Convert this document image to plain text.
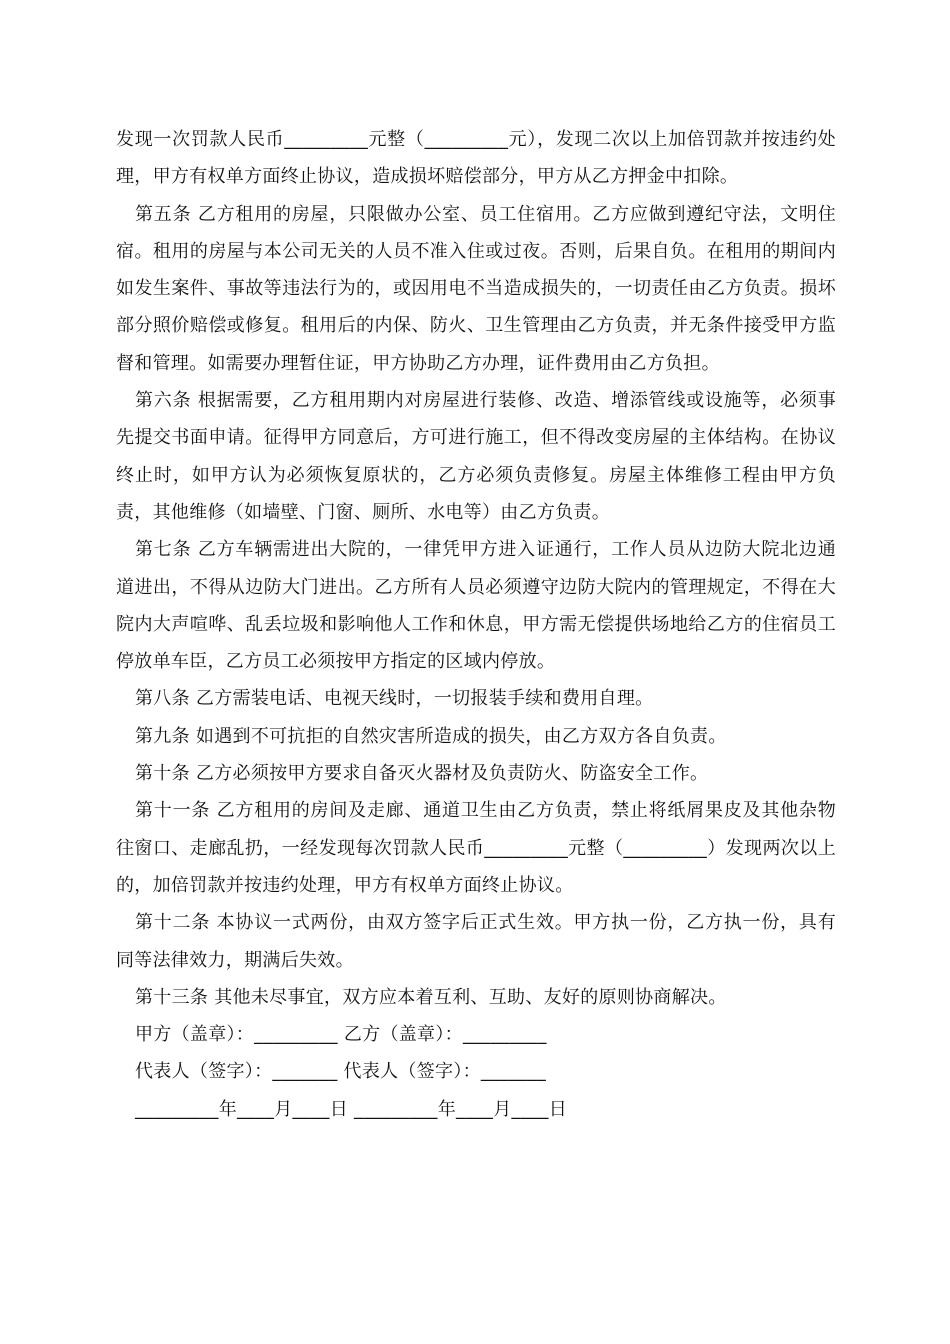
发现一次罚款人民币_________元整（_________元），发现二次以上加倍罚款并按违约处理，甲方有权单方面终止协议，造成损坏赔偿部分，甲方从乙方押金中扣除。

第五条 乙方租用的房屋，只限做办公室、员工住宿用。乙方应做到遵纪守法，文明住宿。租用的房屋与本公司无关的人员不准入住或过夜。否则，后果自负。在租用的期间内如发生案件、事故等违法行为的，或因用电不当造成损失的，一切责任由乙方负责。损坏部分照价赔偿或修复。租用后的内保、防火、卫生管理由乙方负责，并无条件接受甲方监督和管理。如需要办理暂住证，甲方协助乙方办理，证件费用由乙方负担。

第六条 根据需要，乙方租用期内对房屋进行装修、改造、增添管线或设施等，必须事先提交书面申请。征得甲方同意后，方可进行施工，但不得改变房屋的主体结构。在协议终止时，如甲方认为必须恢复原状的，乙方必须负责修复。房屋主体维修工程由甲方负责，其他维修（如墙壁、门窗、厕所、水电等）由乙方负责。

第七条 乙方车辆需进出大院的，一律凭甲方进入证通行，工作人员从边防大院北边通道进出，不得从边防大门进出。乙方所有人员必须遵守边防大院内的管理规定，不得在大院内大声喧哗、乱丢垃圾和影响他人工作和休息，甲方需无偿提供场地给乙方的住宿员工停放单车臣，乙方员工必须按甲方指定的区域内停放。

第八条 乙方需装电话、电视天线时，一切报装手续和费用自理。

第九条 如遇到不可抗拒的自然灾害所造成的损失，由乙方双方各自负责。

第十条 乙方必须按甲方要求自备灭火器材及负责防火、防盗安全工作。

第十一条 乙方租用的房间及走廊、通道卫生由乙方负责，禁止将纸屑果皮及其他杂物往窗口、走廊乱扔，一经发现每次罚款人民币_________元整（_________）发现两次以上的，加倍罚款并按违约处理，甲方有权单方面终止协议。

第十二条 本协议一式两份，由双方签字后正式生效。甲方执一份，乙方执一份，具有同等法律效力，期满后失效。

第十三条 其他未尽事宜，双方应本着互利、互助、友好的原则协商解决。

甲方（盖章）：_________ 乙方（盖章）：_________
代表人（签字）：_______ 代表人（签字）：_______
_________年____月____日 _________年____月____日
